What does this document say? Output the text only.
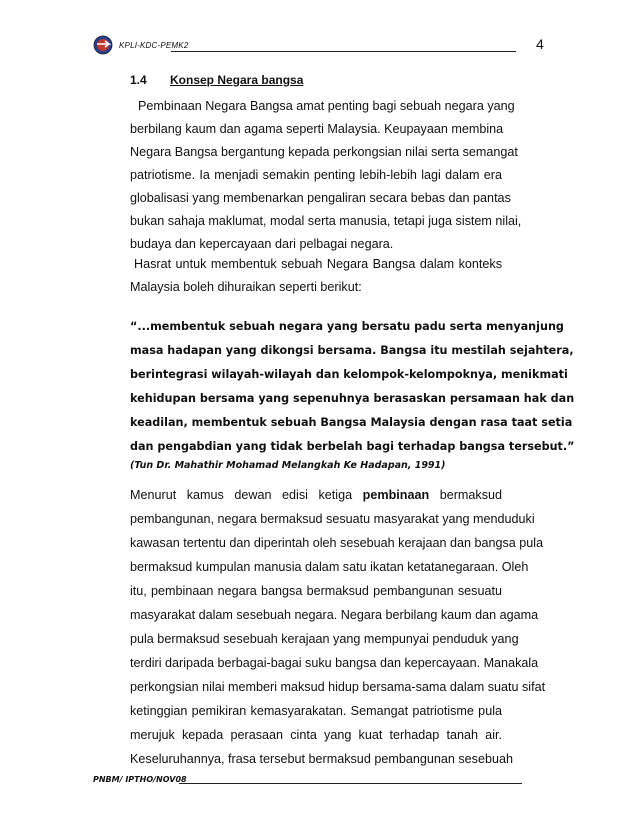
KPLI-KDC-PEMK2	4
1.4 Konsep Negara bangsa
Pembinaan Negara Bangsa amat penting bagi sebuah negara yang
berbilang kaum dan agama seperti Malaysia. Keupayaan membina
Negara Bangsa bergantung kepada perkongsian nilai serta semangat
patriotisme. Ia menjadi semakin penting lebih-lebih lagi dalam era
globalisasi yang membenarkan pengaliran secara bebas dan pantas
bukan sahaja maklumat, modal serta manusia, tetapi juga sistem nilai,
budaya dan kepercayaan dari pelbagai negara.
Hasrat untuk membentuk sebuah Negara Bangsa dalam konteks
Malaysia boleh dihuraikan seperti berikut:
“...membentuk sebuah negara yang bersatu padu serta menyanjung
masa hadapan yang dikongsi bersama. Bangsa itu mestilah sejahtera,
berintegrasi wilayah-wilayah dan kelompok-kelompoknya, menikmati
kehidupan bersama yang sepenuhnya berasaskan persamaan hak dan
keadilan, membentuk sebuah Bangsa Malaysia dengan rasa taat setia
dan pengabdian yang tidak berbelah bagi terhadap bangsa tersebut.”
(Tun Dr. Mahathir Mohamad Melangkah Ke Hadapan, 1991)
Menurut kamus dewan edisi ketiga pembinaan bermaksud
pembangunan, negara bermaksud sesuatu masyarakat yang menduduki
kawasan tertentu dan diperintah oleh sesebuah kerajaan dan bangsa pula
bermaksud kumpulan manusia dalam satu ikatan ketatanegaraan. Oleh
itu, pembinaan negara bangsa bermaksud pembangunan sesuatu
masyarakat dalam sesebuah negara. Negara berbilang kaum dan agama
pula bermaksud sesebuah kerajaan yang mempunyai penduduk yang
terdiri daripada berbagai-bagai suku bangsa dan kepercayaan. Manakala
perkongsian nilai memberi maksud hidup bersama-sama dalam suatu sifat
ketinggian pemikiran kemasyarakatan. Semangat patriotisme pula
merujuk kepada perasaan cinta yang kuat terhadap tanah air.
Keseluruhannya, frasa tersebut bermaksud pembangunan sesebuah
PNBM/ IPTHO/NOV08
